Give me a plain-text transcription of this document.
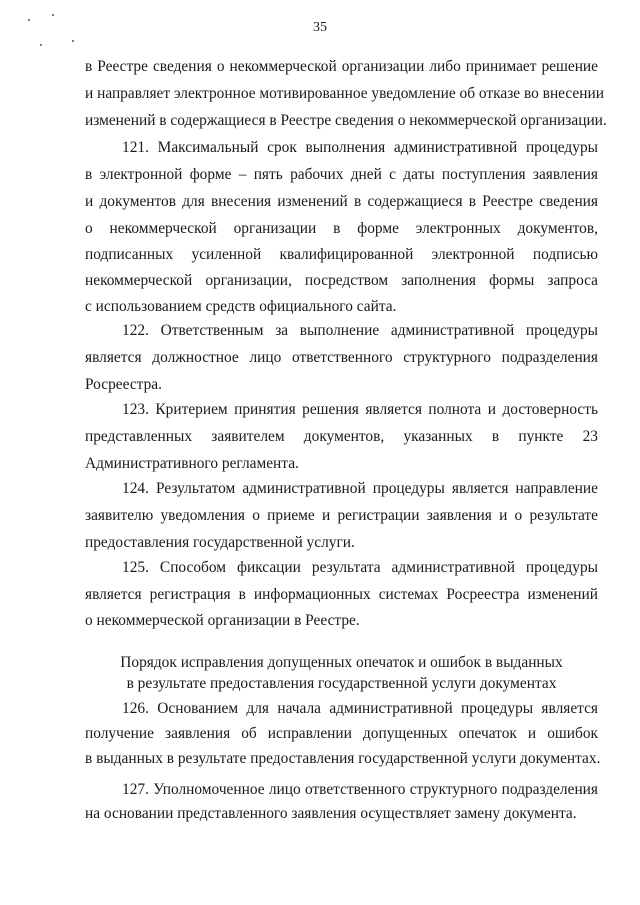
35
в Реестре сведения о некоммерческой организации либо принимает решение
и направляет электронное мотивированное уведомление об отказе во внесении
изменений в содержащиеся в Реестре сведения о некоммерческой организации.
121. Максимальный срок выполнения административной процедуры
в электронной форме – пять рабочих дней с даты поступления заявления
и документов для внесения изменений в содержащиеся в Реестре сведения
о некоммерческой организации в форме электронных документов,
подписанных усиленной квалифицированной электронной подписью
некоммерческой организации, посредством заполнения формы запроса
с использованием средств официального сайта.
122. Ответственным за выполнение административной процедуры
является должностное лицо ответственного структурного подразделения
Росреестра.
123. Критерием принятия решения является полнота и достоверность
представленных заявителем документов, указанных в пункте 23
Административного регламента.
124. Результатом административной процедуры является направление
заявителю уведомления о приеме и регистрации заявления и о результате
предоставления государственной услуги.
125. Способом фиксации результата административной процедуры
является регистрация в информационных системах Росреестра изменений
о некоммерческой организации в Реестре.
Порядок исправления допущенных опечаток и ошибок в выданных
в результате предоставления государственной услуги документах
126. Основанием для начала административной процедуры является
получение заявления об исправлении допущенных опечаток и ошибок
в выданных в результате предоставления государственной услуги документах.
127. Уполномоченное лицо ответственного структурного подразделения
на основании представленного заявления осуществляет замену документа.
